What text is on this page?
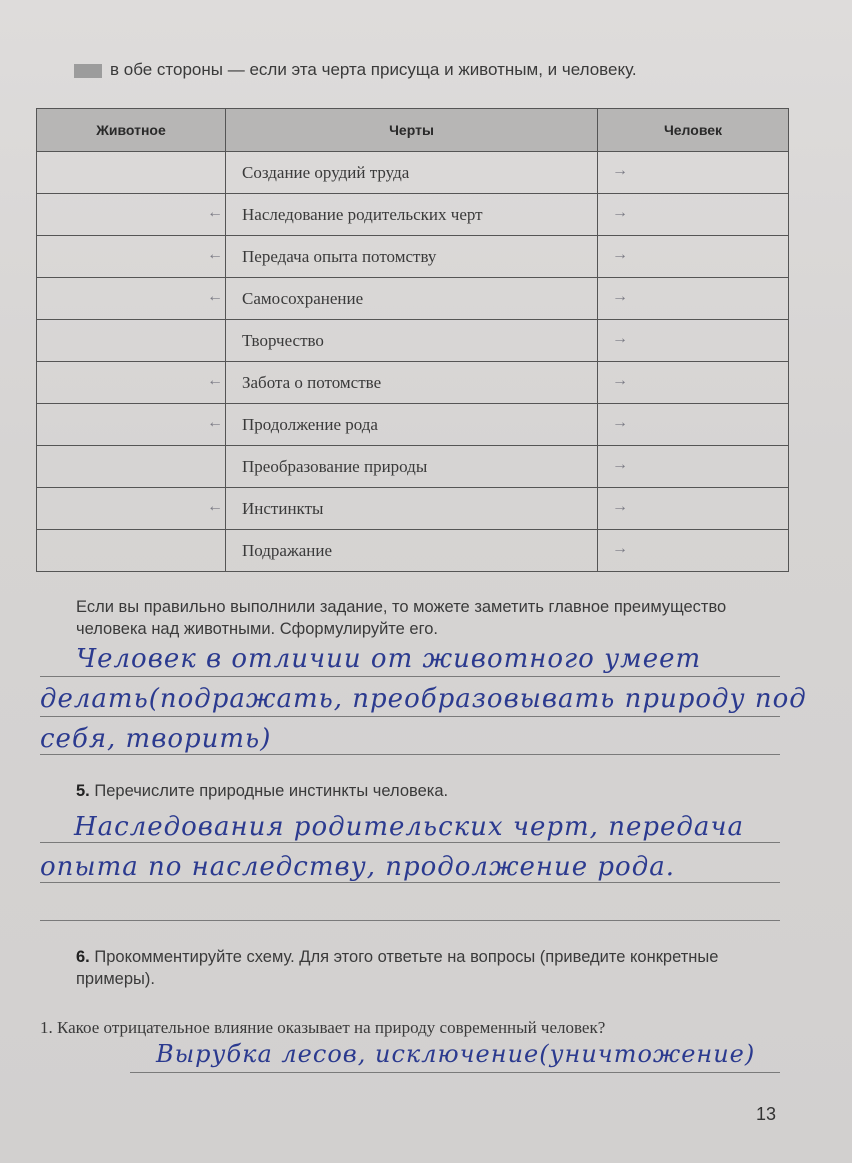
в обе стороны — если эта черта присуща и животным, и человеку.
Животное	Черты	Человек
	Создание орудий труда	→

←	Наследование родительских черт	→

←	Передача опыта потомству	→

←	Самосохранение	→

	Творчество	→

←	Забота о потомстве	→

←	Продолжение рода	→

	Преобразование природы	→

←	Инстинкты	→

	Подражание	→
Если вы правильно выполнили задание, то можете заметить главное преимущество человека над животными. Сформулируйте его.
Человек в отличии от животного умеет
делать(подражать, преобразовывать природу под
себя, творить)
5. Перечислите природные инстинкты человека.
Наследования родительских черт, передача
опыта по наследству, продолжение рода.
6. Прокомментируйте схему. Для этого ответьте на вопросы (приведите конкретные примеры).
1. Какое отрицательное влияние оказывает на природу современный человек?
Вырубка лесов, исключение(уничтожение)
13
